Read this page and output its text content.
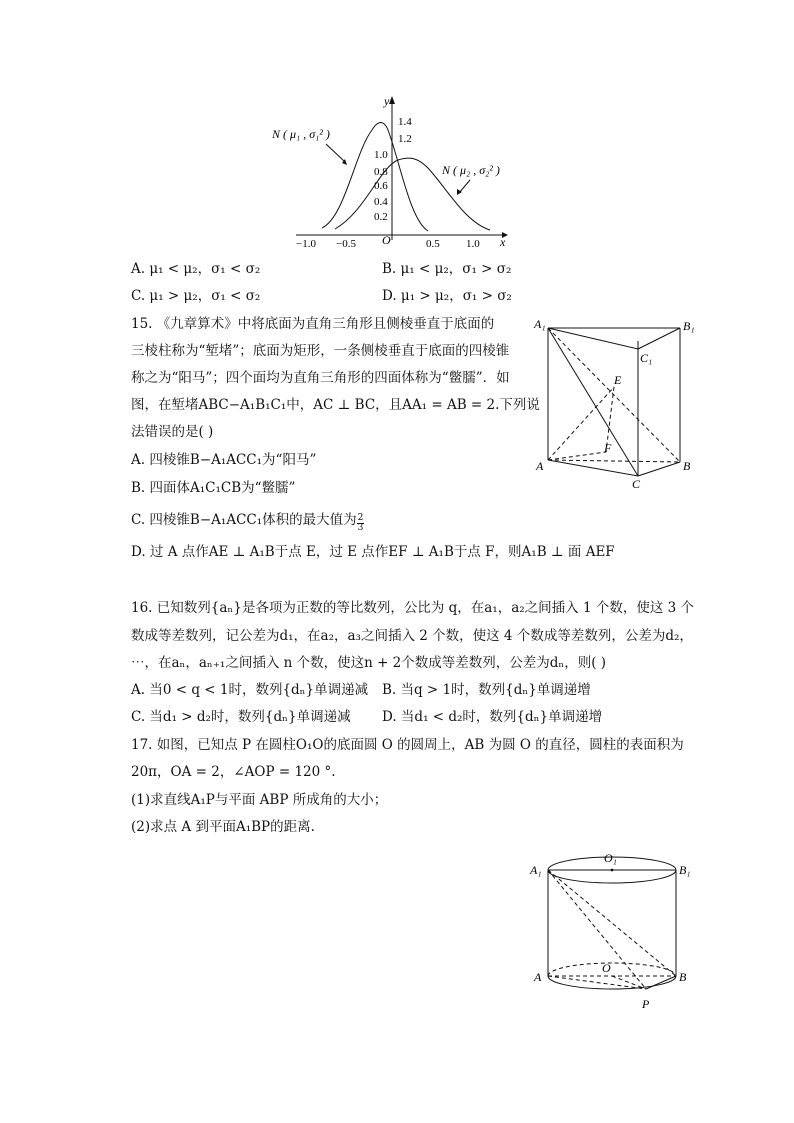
y
x
O
1.4
1.2
1.0
0.8
0.6
0.4
0.2
−1.0 −0.5	0.5 1.0
N ( μ₁ , σ₁² )
N ( μ₂ , σ₂² )
A. μ₁ < μ₂，σ₁ < σ₂	B. μ₁ < μ₂，σ₁ > σ₂
C. μ₁ > μ₂，σ₁ < σ₂	D. μ₁ > μ₂，σ₁ > σ₂
15. 《九章算术》中将底面为直角三角形且侧棱垂直于底面的
三棱柱称为“堑堵”；底面为矩形，一条侧棱垂直于底面的四棱锥
称之为“阳马”；四个面均为直角三角形的四面体称为“鳖臑”．如
图，在堑堵ABC−A₁B₁C₁中，AC ⊥ BC，且AA₁ = AB = 2.下列说
法错误的是( )
A. 四棱锥B−A₁ACC₁为“阳马”
B. 四面体A₁C₁CB为“鳖臑”
C. 四棱锥B−A₁ACC₁体积的最大值为 $\frac{2}{3}$
D. 过 A 点作AE ⊥ A₁B于点 E，过 E 点作EF ⊥ A₁B于点 F，则A₁B ⊥ 面 AEF
A₁	B₁
C₁
E
F
A	B
C
16. 已知数列{aₙ}是各项为正数的等比数列，公比为 q，在a₁，a₂之间插入 1 个数，使这 3 个
数成等差数列，记公差为d₁，在a₂，a₃之间插入 2 个数，使这 4 个数成等差数列，公差为d₂，
⋯，在aₙ，aₙ₊₁之间插入 n 个数，使这n + 2个数成等差数列，公差为dₙ，则( )
A. 当0 < q < 1时，数列{dₙ}单调递减 B. 当q > 1时，数列{dₙ}单调递增
C. 当d₁ > d₂时，数列{dₙ}单调递减 D. 当d₁ < d₂时，数列{dₙ}单调递增
17. 如图，已知点 P 在圆柱O₁O的底面圆 O 的圆周上，AB 为圆 O 的直径，圆柱的表面积为
20π，OA = 2，∠AOP = 120 °.
(1)求直线A₁P与平面 ABP 所成角的大小；
(2)求点 A 到平面A₁BP的距离.
A₁
O₁
B₁
A
O
B
P
